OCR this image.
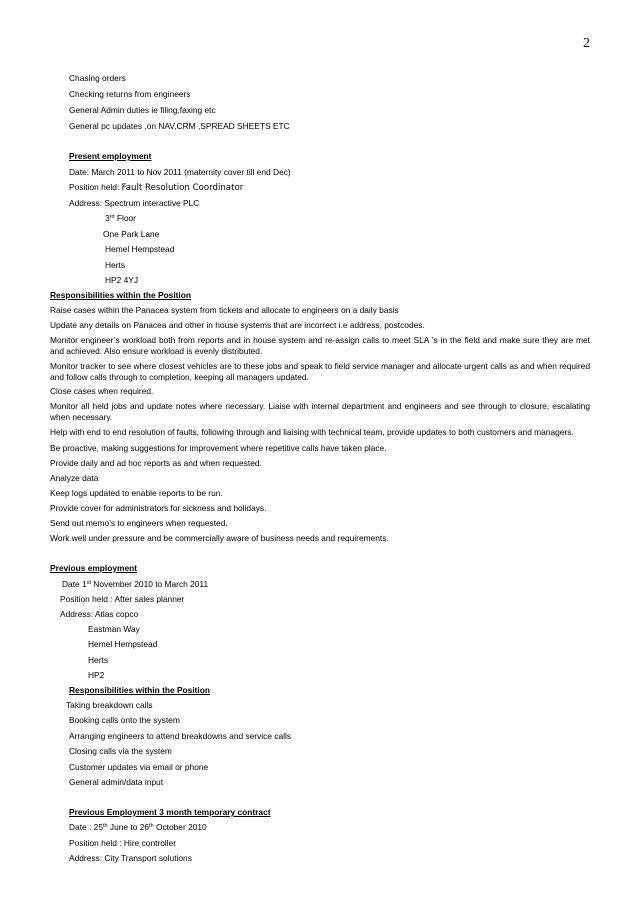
2
Chasing orders
Checking returns from engineers
General Admin duties ie filing,faxing etc
General pc updates ,on NAV,CRM ,SPREAD SHEETS ETC
Present employment
Date: March 2011 to Nov 2011 (maternity cover till end Dec)
Position held: Fault Resolution Coordinator
Address: Spectrum interactive PLC
3rd Floor
One Park Lane
Hemel Hempstead
Herts
HP2 4YJ
Responsibilities within the Position
Raise cases within the Panacea system from tickets and allocate to engineers on a daily basis
Update any details on Panacea and other in house systems that are incorrect i.e address, postcodes.
Monitor engineer’s workload both from reports and in house system and re-assign calls to meet SLA ’s in the field and make sure they are met and achieved. Also ensure workload is evenly distributed.
Monitor tracker to see where closest vehicles are to these jobs and speak to field service manager and allocate urgent calls as and when required and follow calls through to completion, keeping all managers updated.
Close cases when required.
Monitor all held jobs and update notes where necessary. Liaise with internal department and engineers and see through to closure, escalating when necessary.
Help with end to end resolution of faults, following through and liaising with technical team, provide updates to both customers and managers.
Be proactive, making suggestions for improvement where repetitive calls have taken place.
Provide daily and ad hoc reports as and when requested.
Analyze data
Keep logs updated to enable reports to be run.
Provide cover for administrators for sickness and holidays.
Send out memo’s to engineers when requested.
Work well under pressure and be commercially aware of business needs and requirements.
Previous employment
Date 1st November 2010 to March 2011
Position held : After sales planner
Address: Atlas copco
Eastman Way
Hemel Hempstead
Herts
HP2
Responsibilities within the Position
Taking breakdown calls
Booking calls onto the system
Arranging engineers to attend breakdowns and service calls
Closing calls via the system
Customer updates via email or phone
General admin/data input
Previous Employment 3 month temporary contract
Date : 25th June to 26th October 2010
Position held : Hire controller
Address: City Transport solutions
